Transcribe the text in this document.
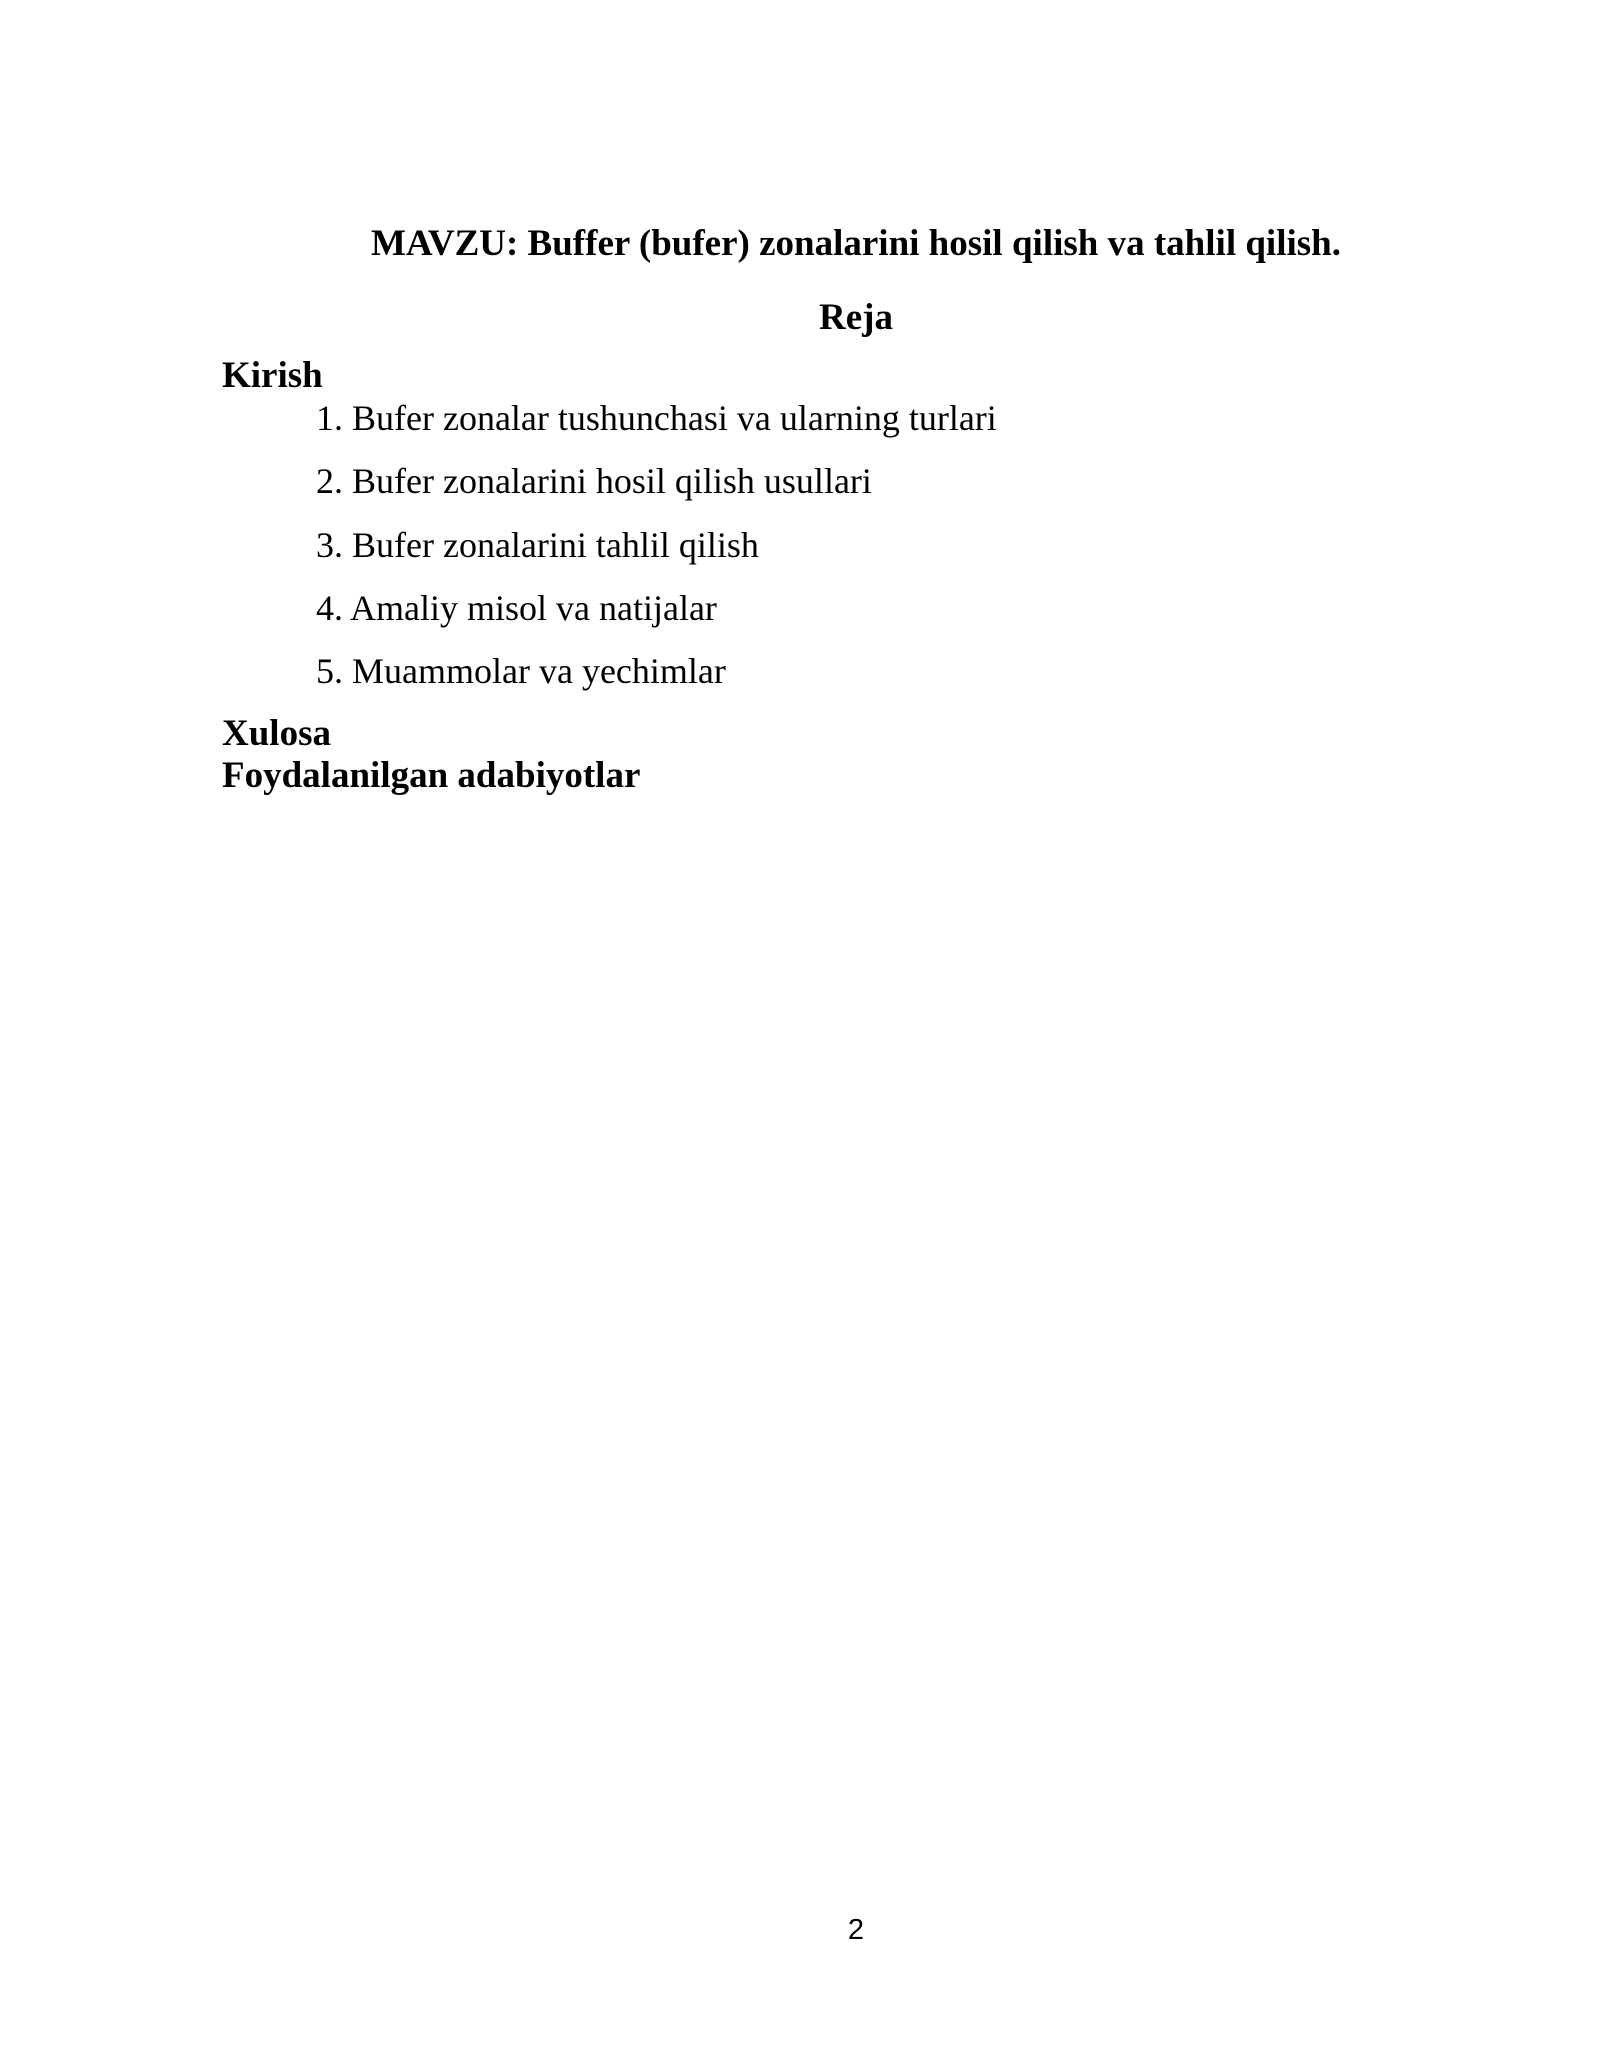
MAVZU: Buffer (bufer) zonalarini hosil qilish va tahlil qilish.
Reja
Kirish
1. Bufer zonalar tushunchasi va ularning turlari
2. Bufer zonalarini hosil qilish usullari
3. Bufer zonalarini tahlil qilish
4. Amaliy misol va natijalar
5. Muammolar va yechimlar
Xulosa
Foydalanilgan adabiyotlar
2
